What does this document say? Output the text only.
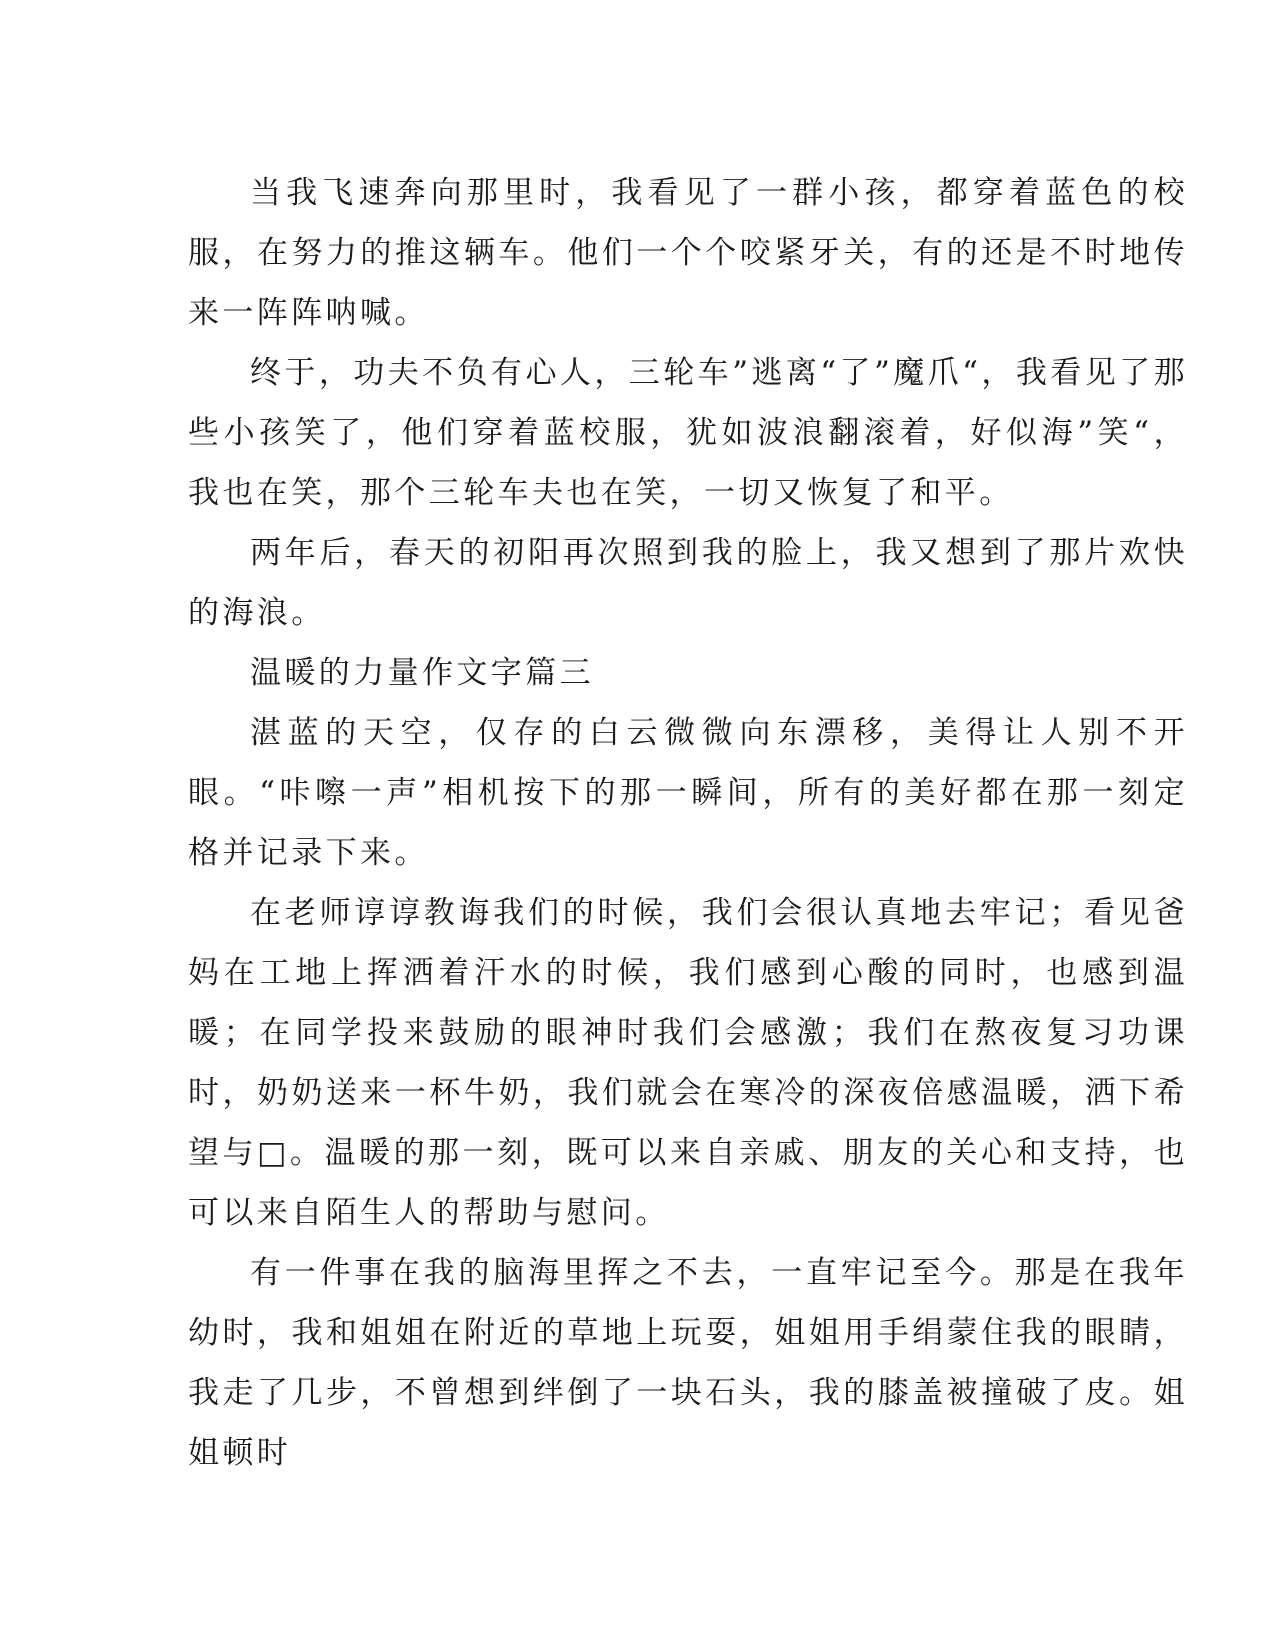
当我飞速奔向那里时，我看见了一群小孩，都穿着蓝色的校服，在努力的推这辆车。他们一个个咬紧牙关，有的还是不时地传来一阵阵呐喊。

终于，功夫不负有心人，三轮车”逃离“了”魔爪“，我看见了那些小孩笑了，他们穿着蓝校服，犹如波浪翻滚着，好似海”笑“，我也在笑，那个三轮车夫也在笑，一切又恢复了和平。

两年后，春天的初阳再次照到我的脸上，我又想到了那片欢快的海浪。

温暖的力量作文字篇三

湛蓝的天空，仅存的白云微微向东漂移，美得让人别不开眼。“咔嚓一声”相机按下的那一瞬间，所有的美好都在那一刻定格并记录下来。

在老师谆谆教诲我们的时候，我们会很认真地去牢记；看见爸妈在工地上挥洒着汗水的时候，我们感到心酸的同时，也感到温暖；在同学投来鼓励的眼神时我们会感激；我们在熬夜复习功课时，奶奶送来一杯牛奶，我们就会在寒冷的深夜倍感温暖，洒下希望与□。温暖的那一刻，既可以来自亲戚、朋友的关心和支持，也可以来自陌生人的帮助与慰问。

有一件事在我的脑海里挥之不去，一直牢记至今。那是在我年幼时，我和姐姐在附近的草地上玩耍，姐姐用手绢蒙住我的眼睛，我走了几步，不曾想到绊倒了一块石头，我的膝盖被撞破了皮。姐姐顿时
